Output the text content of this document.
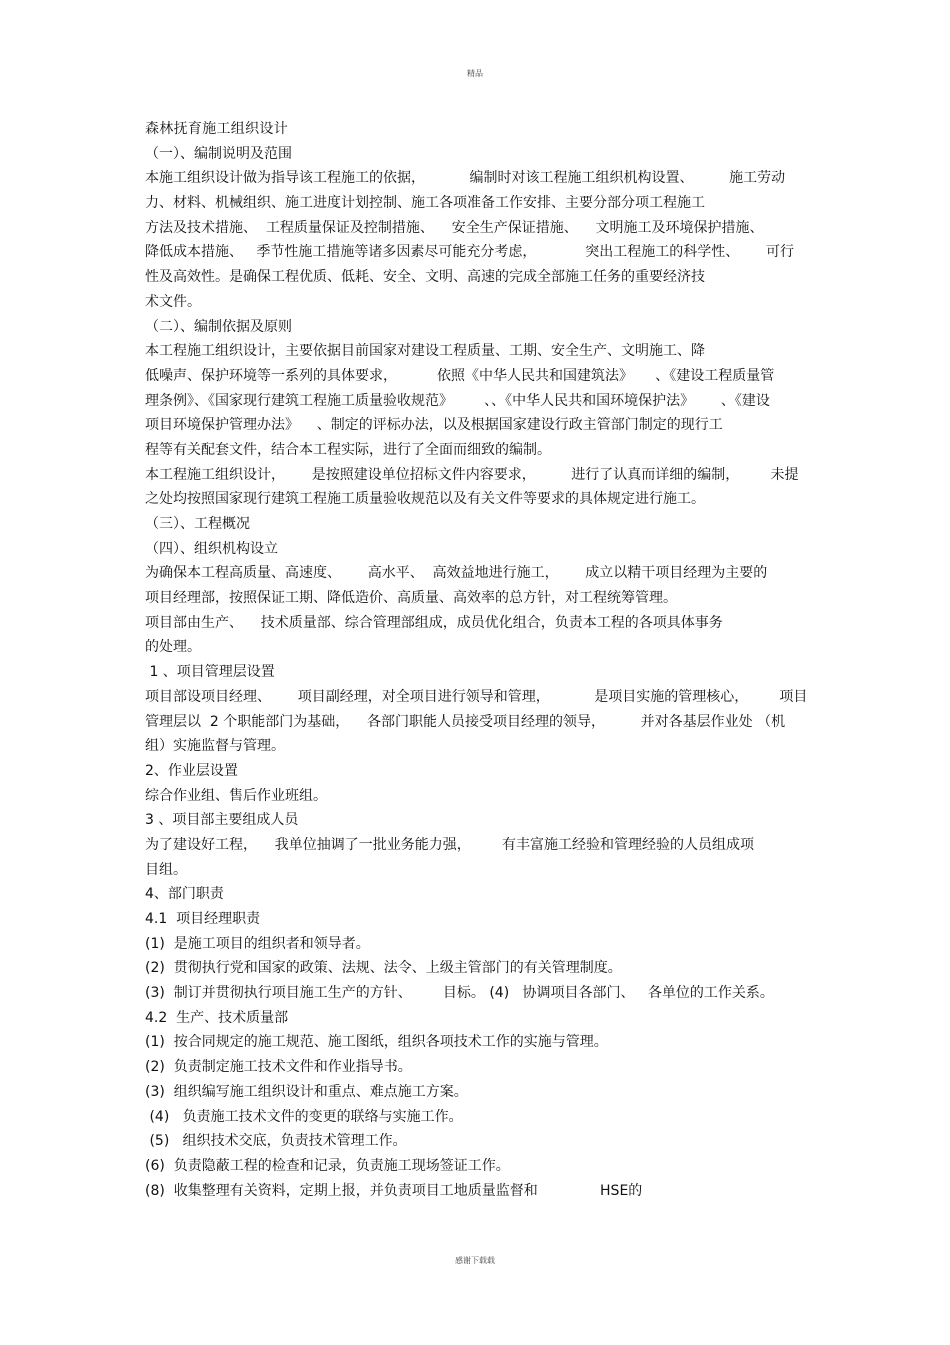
精品
森林抚育施工组织设计
（一）、编制说明及范围
本施工组织设计做为指导该工程施工的依据，          编制时对该工程施工组织机构设置、        施工劳动
力、材料、机械组织、施工进度计划控制、施工各项准备工作安排、主要分部分项工程施工
方法及技术措施、  工程质量保证及控制措施、    安全生产保证措施、    文明施工及环境保护措施、
降低成本措施、   季节性施工措施等诸多因素尽可能充分考虑，           突出工程施工的科学性、      可行
性及高效性。是确保工程优质、低耗、安全、文明、高速的完成全部施工任务的重要经济技
术文件。
（二）、编制依据及原则
本工程施工组织设计，主要依据目前国家对建设工程质量、工期、安全生产、文明施工、降
低噪声、保护环境等一系列的具体要求，         依照《中华人民共和国建筑法》     、《建设工程质量管
理条例》、《国家现行建筑工程施工质量验收规范》       、、《中华人民共和国环境保护法》      、《建设
项目环境保护管理办法》    、制定的评标办法，以及根据国家建设行政主管部门制定的现行工
程等有关配套文件，结合本工程实际，进行了全面而细致的编制。
本工程施工组织设计，      是按照建设单位招标文件内容要求，        进行了认真而详细的编制，       未提
之处均按照国家现行建筑工程施工质量验收规范以及有关文件等要求的具体规定进行施工。
（三）、工程概况
（四）、组织机构设立
为确保本工程高质量、高速度、      高水平、  高效益地进行施工，      成立以精干项目经理为主要的
项目经理部，按照保证工期、降低造价、高质量、高效率的总方针，对工程统筹管理。
项目部由生产、    技术质量部、综合管理部组成，成员优化组合，负责本工程的各项具体事务
的处理。
1 、项目管理层设置
项目部设项目经理、      项目副经理，对全项目进行领导和管理，          是项目实施的管理核心，       项目
管理层以  2 个职能部门为基础，    各部门职能人员接受项目经理的领导，        并对各基层作业处 （机
组）实施监督与管理。
2、作业层设置
综合作业组、售后作业班组。
3 、项目部主要组成人员
为了建设好工程，    我单位抽调了一批业务能力强，       有丰富施工经验和管理经验的人员组成项
目组。
4、部门职责
4.1  项目经理职责
(1)  是施工项目的组织者和领导者。
(2)  贯彻执行党和国家的政策、法规、法令、上级主管部门的有关管理制度。
(3)  制订并贯彻执行项目施工生产的方针、       目标。 (4)   协调项目各部门、   各单位的工作关系。
4.2  生产、技术质量部
(1)  按合同规定的施工规范、施工图纸，组织各项技术工作的实施与管理。
(2)  负责制定施工技术文件和作业指导书。
(3)  组织编写施工组织设计和重点、难点施工方案。
(4)   负责施工技术文件的变更的联络与实施工作。
(5)   组织技术交底，负责技术管理工作。
(6)  负责隐蔽工程的检查和记录，负责施工现场签证工作。
(8)  收集整理有关资料，定期上报，并负责项目工地质量监督和              HSE的
感谢下载载
